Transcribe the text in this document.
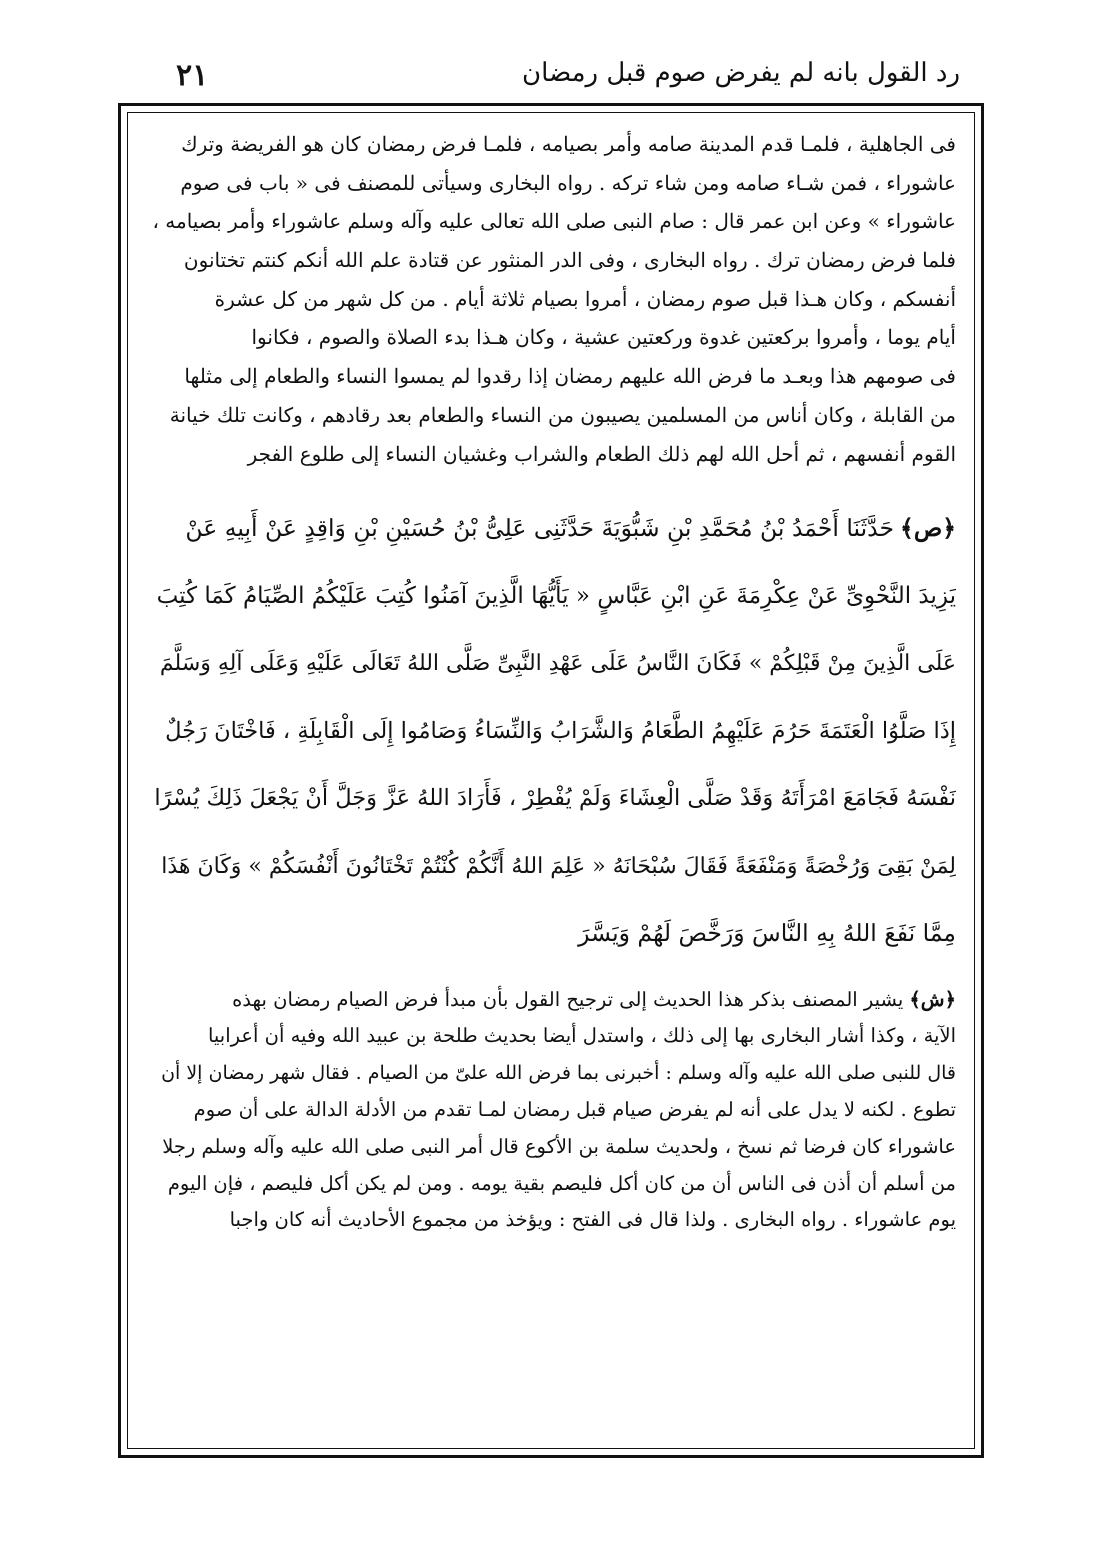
٢١	رد القول بانه لم يفرض صوم قبل رمضان
فى الجاهلية ، فلمـا قدم المدينة صامه وأمر بصيامه ، فلمـا فرض رمضان كان هو الفريضة وترك
عاشوراء ، فمن شـاء صامه ومن شاء تركه . رواه البخارى وسيأتى للمصنف فى « باب فى صوم
عاشوراء » وعن ابن عمر قال : صام النبى صلى الله تعالى عليه وآله وسلم عاشوراء وأمر بصيامه ،
فلما فرض رمضان ترك . رواه البخارى ، وفى الدر المنثور عن قتادة علم الله أنكم كنتم تختانون
أنفسكم ، وكان هـذا قبل صوم رمضان ، أمروا بصيام ثلاثة أيام . من كل شهر من كل عشرة
أيام يوما ، وأمروا بركعتين غدوة وركعتين عشية ، وكان هـذا بدء الصلاة والصوم ، فكانوا
فى صومهم هذا وبعـد ما فرض الله عليهم رمضان إذا رقدوا لم يمسوا النساء والطعام إلى مثلها
من القابلة ، وكان أناس من المسلمين يصيبون من النساء والطعام بعد رقادهم ، وكانت تلك خيانة
القوم أنفسهم ، ثم أحل الله لهم ذلك الطعام والشراب وغشيان النساء إلى طلوع الفجر
﴿ص﴾حَدَّثَنَا أَحْمَدُ بْنُ مُحَمَّدِ بْنِ شَبُّوَيَةَ حَدَّثَنِى عَلِىُّ بْنُ حُسَيْنِ بْنِ وَاقِدٍ عَنْ أَبِيهِ عَنْ
يَزِيدَ النَّحْوِىِّ عَنْ عِكْرِمَةَ عَنِ ابْنِ عَبَّاسٍ « يَأَيُّهَا الَّذِينَ آمَنُوا كُتِبَ عَلَيْكُمُ الصِّيَامُ كَمَا كُتِبَ
عَلَى الَّذِينَ مِنْ قَبْلِكُمْ » فَكَانَ النَّاسُ عَلَى عَهْدِ النَّبِىِّ صَلَّى اللهُ تَعَالَى عَلَيْهِ وَعَلَى آلِهِ وَسَلَّمَ
إِذَا صَلَّوُا الْعَتَمَةَ حَرُمَ عَلَيْهِمُ الطَّعَامُ وَالشَّرَابُ وَالنِّسَاءُ وَصَامُوا إِلَى الْقَابِلَةِ ، فَاخْتَانَ رَجُلٌ
نَفْسَهُ فَجَامَعَ امْرَأَتَهُ وَقَدْ صَلَّى الْعِشَاءَ وَلَمْ يُفْطِرْ ، فَأَرَادَ اللهُ عَزَّ وَجَلَّ أَنْ يَجْعَلَ ذَلِكَ يُسْرًا
لِمَنْ بَقِىَ وَرُخْصَةً وَمَنْفَعَةً فَقَالَ سُبْحَانَهُ « عَلِمَ اللهُ أَنَّكُمْ كُنْتُمْ تَخْتَانُونَ أَنْفُسَكُمْ » وَكَانَ هَذَا
مِمَّا نَفَعَ اللهُ بِهِ النَّاسَ وَرَخَّصَ لَهُمْ وَيَسَّرَ
﴿ش﴾يشير المصنف بذكر هذا الحديث إلى ترجيح القول بأن مبدأ فرض الصيام رمضان بهذه
الآية ، وكذا أشار البخارى بها إلى ذلك ، واستدل أيضا بحديث طلحة بن عبيد الله وفيه أن أعرابيا
قال للنبى صلى الله عليه وآله وسلم : أخبرنى بما فرض الله علىّ من الصيام . فقال شهر رمضان إلا أن
تطوع . لكنه لا يدل على أنه لم يفرض صيام قبل رمضان لمـا تقدم من الأدلة الدالة على أن صوم
عاشوراء كان فرضا ثم نسخ ، ولحديث سلمة بن الأكوع قال أمر النبى صلى الله عليه وآله وسلم رجلا
من أسلم أن أذن فى الناس أن من كان أكل فليصم بقية يومه . ومن لم يكن أكل فليصم ، فإن اليوم
يوم عاشوراء . رواه البخارى . ولذا قال فى الفتح : ويؤخذ من مجموع الأحاديث أنه كان واجبا
